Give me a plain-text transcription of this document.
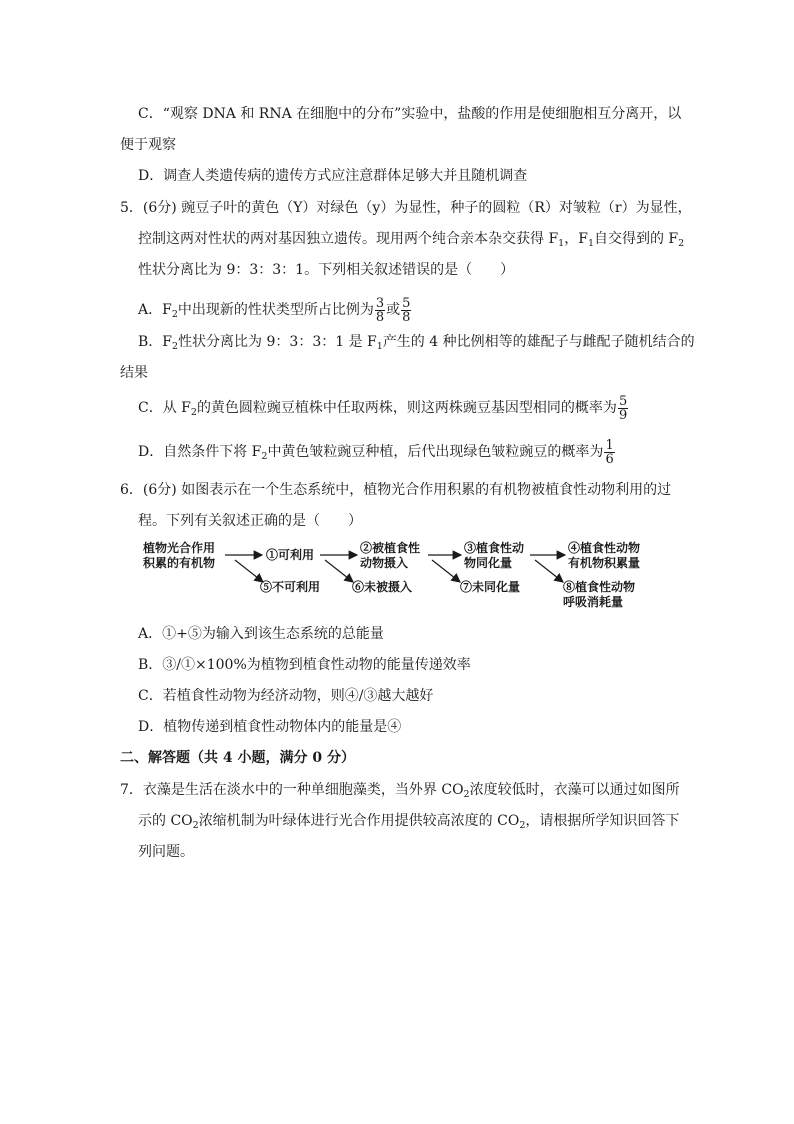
C．“观察 DNA 和 RNA 在细胞中的分布”实验中，盐酸的作用是使细胞相互分离开，以
便于观察
D．调查人类遗传病的遗传方式应注意群体足够大并且随机调查
5．(6分) 豌豆子叶的黄色（Y）对绿色（y）为显性，种子的圆粒（R）对皱粒（r）为显性，
控制这两对性状的两对基因独立遗传。现用两个纯合亲本杂交获得 $F_1$，$F_1$自交得到的 $F_2$
性状分离比为 9：3：3：1。下列相关叙述错误的是（　　）
A．$F_2$中出现新的性状类型所占比例为 $\frac{3}{8}$ 或 $\frac{5}{8}$
B．$F_2$性状分离比为 9：3：3：1 是 $F_1$产生的 4 种比例相等的雄配子与雌配子随机结合的
结果
C．从 $F_2$的黄色圆粒豌豆植株中任取两株，则这两株豌豆基因型相同的概率为 $\frac{5}{9}$
D．自然条件下将 $F_2$中黄色皱粒豌豆种植，后代出现绿色皱粒豌豆的概率为 $\frac{1}{6}$
6．(6分) 如图表示在一个生态系统中，植物光合作用积累的有机物被植食性动物利用的过
程。下列有关叙述正确的是（　　）
植物光合作用
积累的有机物
①可利用	②被植食性
动物摄入
③植食性动
物同化量
④植食性动物
有机物积累量
⑤不可利用	⑥未被摄入	⑦未同化量	⑧植食性动物
呼吸消耗量
A．①+⑤为输入到该生态系统的总能量
B．③/①×100%为植物到植食性动物的能量传递效率
C．若植食性动物为经济动物，则④/③越大越好
D．植物传递到植食性动物体内的能量是④
二、解答题（共 4 小题，满分 0 分）
7．衣藻是生活在淡水中的一种单细胞藻类，当外界 $CO_2$浓度较低时，衣藻可以通过如图所
示的 $CO_2$浓缩机制为叶绿体进行光合作用提供较高浓度的 $CO_2$，请根据所学知识回答下
列问题。
